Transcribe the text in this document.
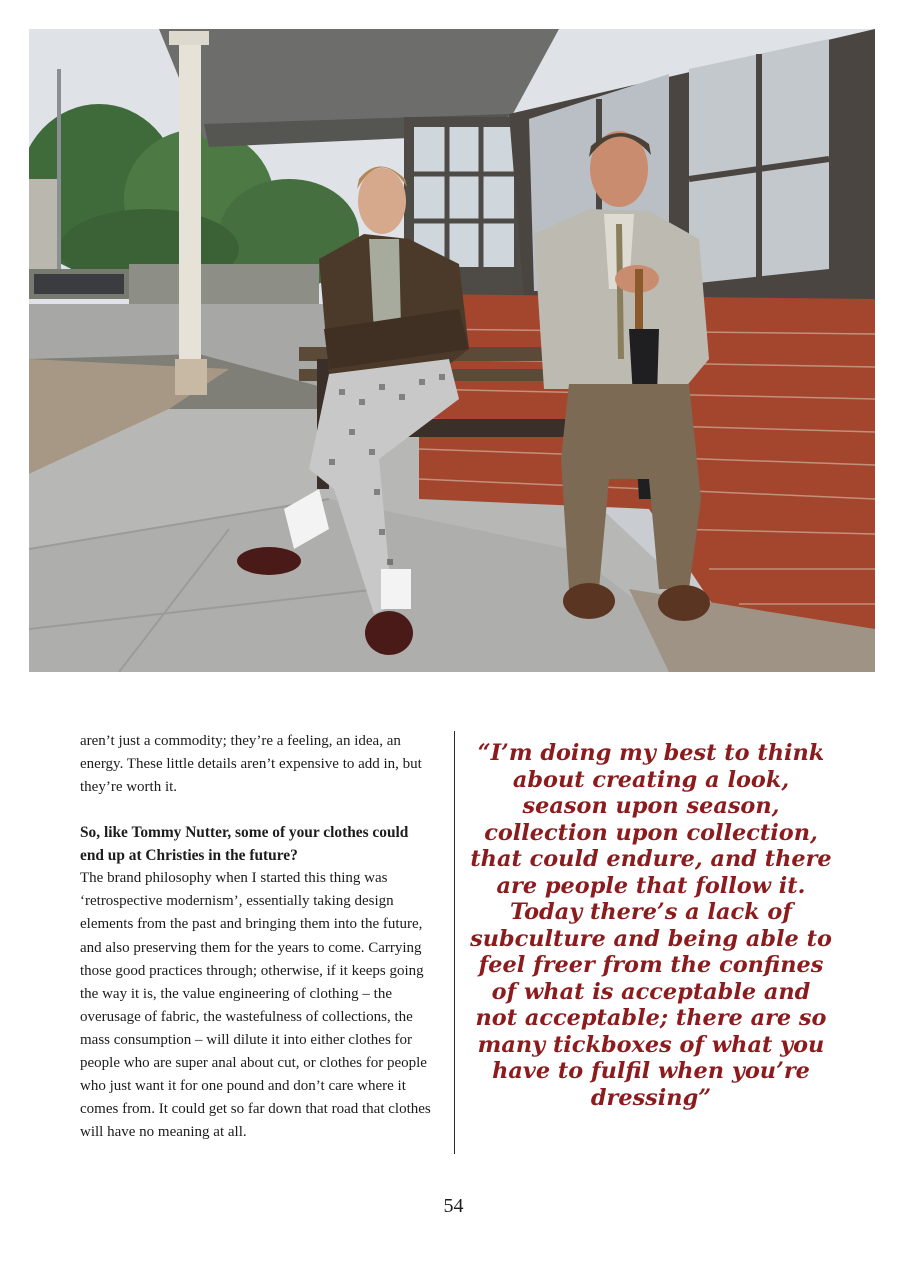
aren’t just a commodity; they’re a feeling, an idea, an energy. These little details aren’t expensive to add in, but they’re worth it.

So, like Tommy Nutter, some of your clothes could end up at Christies in the future?

The brand philosophy when I started this thing was ‘retrospective modernism’, essentially taking design elements from the past and bringing them into the future, and also preserving them for the years to come. Carrying those good practices through; otherwise, if it keeps going the way it is, the value engineering of clothing – the overusage of fabric, the wastefulness of collections, the mass consumption – will dilute it into either clothes for people who are super anal about cut, or clothes for people who just want it for one pound and don’t care where it comes from. It could get so far down that road that clothes will have no meaning at all.

“I’m doing my best to think about creating a look, season upon season, collection upon collection, that could endure, and there are people that follow it. Today there’s a lack of subculture and being able to feel freer from the confines of what is acceptable and not acceptable; there are so many tickboxes of what you have to fulfil when you’re dressing”

54
